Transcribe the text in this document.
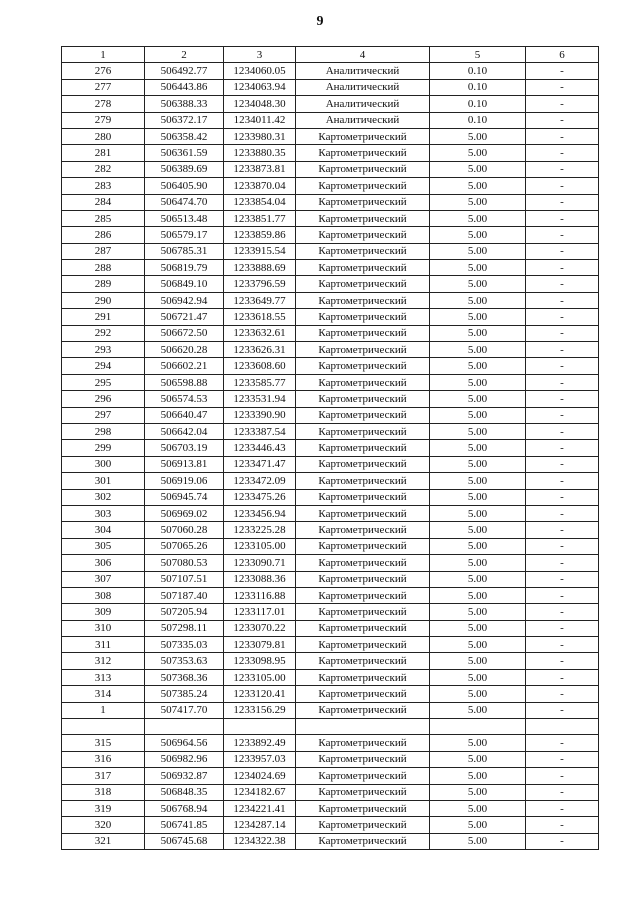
9
1	2	3	4	5	6
276	506492.77	1234060.05	Аналитический	0.10	-
277	506443.86	1234063.94	Аналитический	0.10	-
278	506388.33	1234048.30	Аналитический	0.10	-
279	506372.17	1234011.42	Аналитический	0.10	-
280	506358.42	1233980.31	Картометрический	5.00	-
281	506361.59	1233880.35	Картометрический	5.00	-
282	506389.69	1233873.81	Картометрический	5.00	-
283	506405.90	1233870.04	Картометрический	5.00	-
284	506474.70	1233854.04	Картометрический	5.00	-
285	506513.48	1233851.77	Картометрический	5.00	-
286	506579.17	1233859.86	Картометрический	5.00	-
287	506785.31	1233915.54	Картометрический	5.00	-
288	506819.79	1233888.69	Картометрический	5.00	-
289	506849.10	1233796.59	Картометрический	5.00	-
290	506942.94	1233649.77	Картометрический	5.00	-
291	506721.47	1233618.55	Картометрический	5.00	-
292	506672.50	1233632.61	Картометрический	5.00	-
293	506620.28	1233626.31	Картометрический	5.00	-
294	506602.21	1233608.60	Картометрический	5.00	-
295	506598.88	1233585.77	Картометрический	5.00	-
296	506574.53	1233531.94	Картометрический	5.00	-
297	506640.47	1233390.90	Картометрический	5.00	-
298	506642.04	1233387.54	Картометрический	5.00	-
299	506703.19	1233446.43	Картометрический	5.00	-
300	506913.81	1233471.47	Картометрический	5.00	-
301	506919.06	1233472.09	Картометрический	5.00	-
302	506945.74	1233475.26	Картометрический	5.00	-
303	506969.02	1233456.94	Картометрический	5.00	-
304	507060.28	1233225.28	Картометрический	5.00	-
305	507065.26	1233105.00	Картометрический	5.00	-
306	507080.53	1233090.71	Картометрический	5.00	-
307	507107.51	1233088.36	Картометрический	5.00	-
308	507187.40	1233116.88	Картометрический	5.00	-
309	507205.94	1233117.01	Картометрический	5.00	-
310	507298.11	1233070.22	Картометрический	5.00	-
311	507335.03	1233079.81	Картометрический	5.00	-
312	507353.63	1233098.95	Картометрический	5.00	-
313	507368.36	1233105.00	Картометрический	5.00	-
314	507385.24	1233120.41	Картометрический	5.00	-
1	507417.70	1233156.29	Картометрический	5.00	-

315	506964.56	1233892.49	Картометрический	5.00	-
316	506982.96	1233957.03	Картометрический	5.00	-
317	506932.87	1234024.69	Картометрический	5.00	-
318	506848.35	1234182.67	Картометрический	5.00	-
319	506768.94	1234221.41	Картометрический	5.00	-
320	506741.85	1234287.14	Картометрический	5.00	-
321	506745.68	1234322.38	Картометрический	5.00	-
